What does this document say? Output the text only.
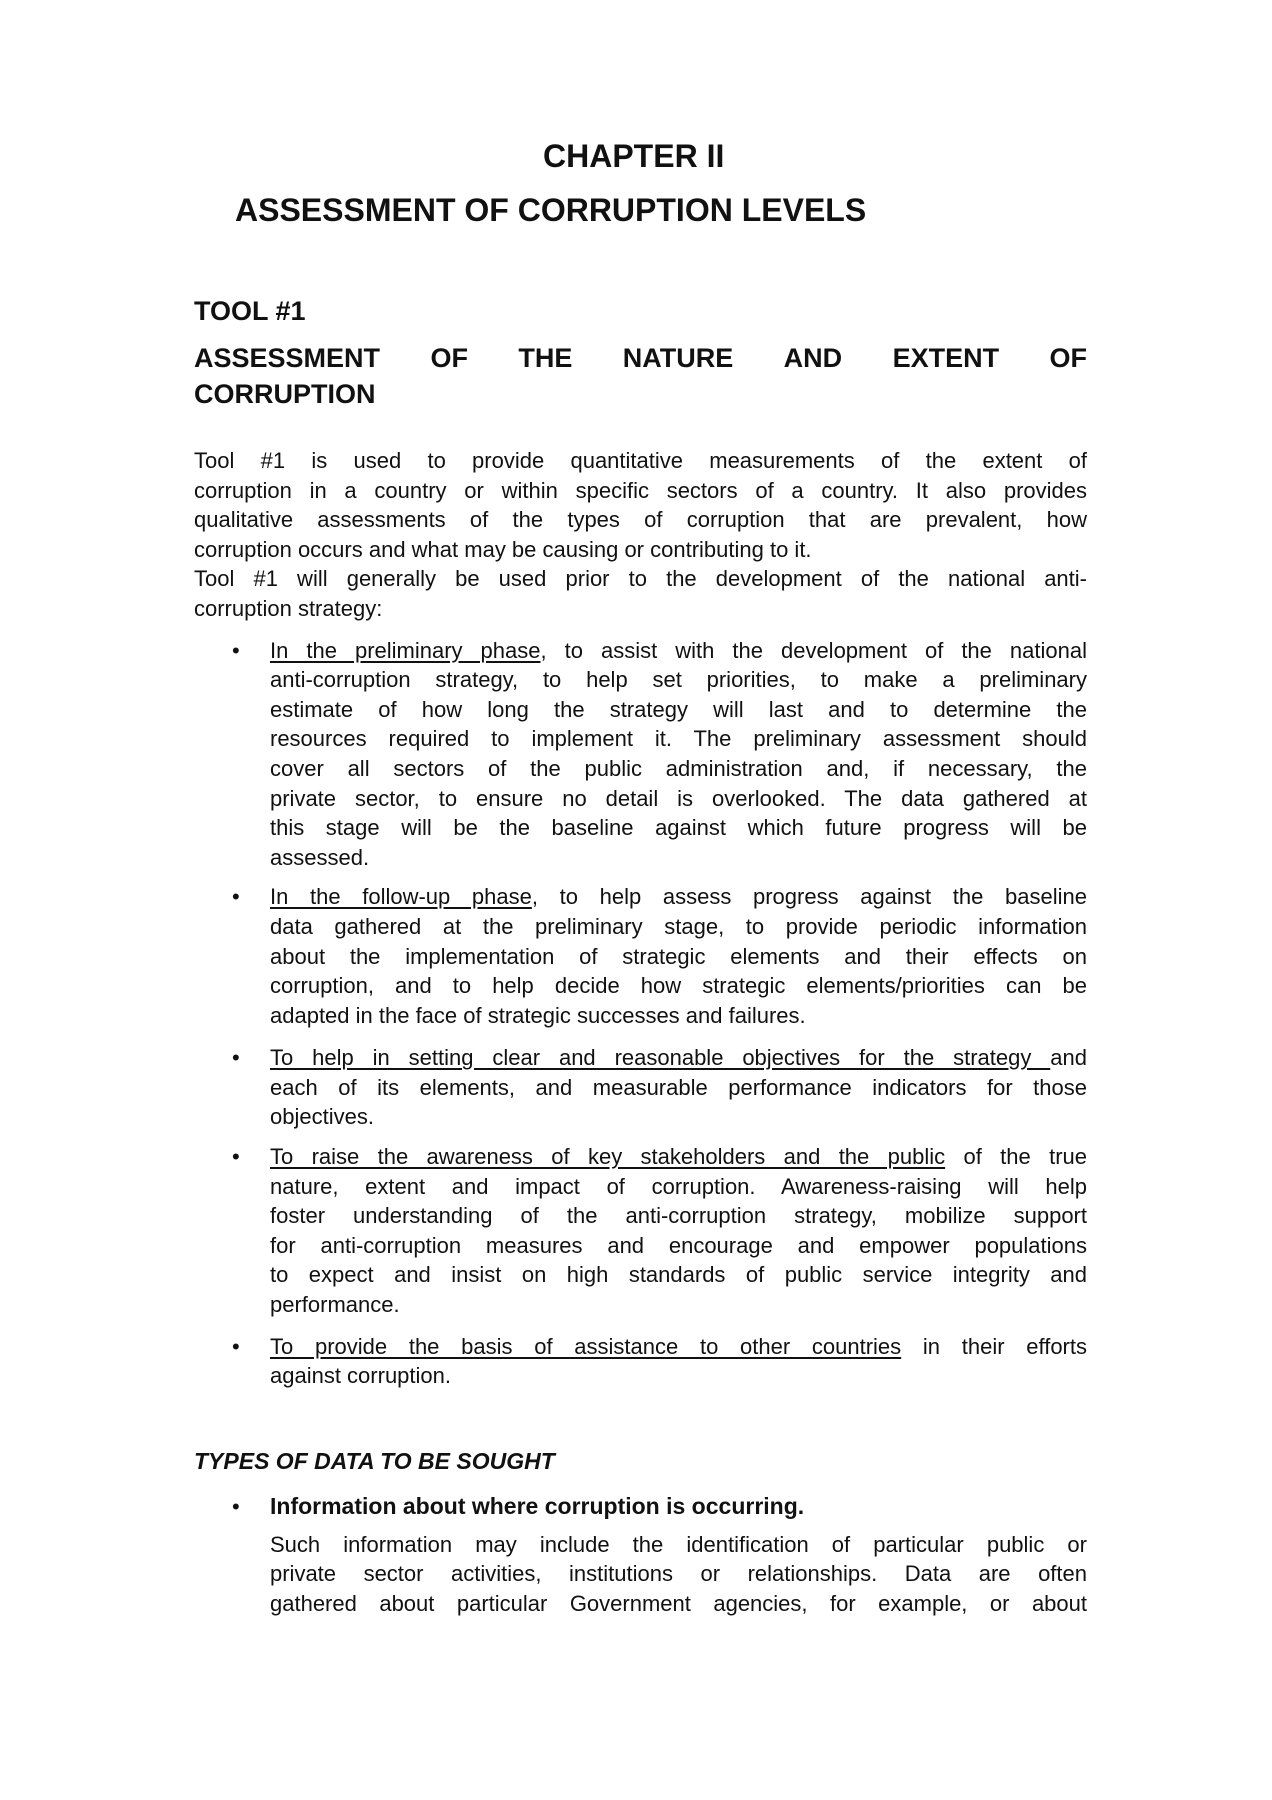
CHAPTER II
ASSESSMENT OF CORRUPTION LEVELS
TOOL #1
ASSESSMENT OF THE NATURE AND EXTENT OF
CORRUPTION
Tool #1 is used to provide quantitative measurements of the extent of
corruption in a country or within specific sectors of a country. It also provides
qualitative assessments of the types of corruption that are prevalent, how
corruption occurs and what may be causing or contributing to it.
Tool #1 will generally be used prior to the development of the national anti-
corruption strategy:
• In the preliminary phase, to assist with the development of the national
anti-corruption strategy, to help set priorities, to make a preliminary
estimate of how long the strategy will last and to determine the
resources required to implement it. The preliminary assessment should
cover all sectors of the public administration and, if necessary, the
private sector, to ensure no detail is overlooked. The data gathered at
this stage will be the baseline against which future progress will be
assessed.
• In the follow-up phase, to help assess progress against the baseline
data gathered at the preliminary stage, to provide periodic information
about the implementation of strategic elements and their effects on
corruption, and to help decide how strategic elements/priorities can be
adapted in the face of strategic successes and failures.
• To help in setting clear and reasonable objectives for the strategy and
each of its elements, and measurable performance indicators for those
objectives.
• To raise the awareness of key stakeholders and the public of the true
nature, extent and impact of corruption. Awareness-raising will help
foster understanding of the anti-corruption strategy, mobilize support
for anti-corruption measures and encourage and empower populations
to expect and insist on high standards of public service integrity and
performance.
• To provide the basis of assistance to other countries in their efforts
against corruption.
TYPES OF DATA TO BE SOUGHT
• Information about where corruption is occurring.
Such information may include the identification of particular public or
private sector activities, institutions or relationships. Data are often
gathered about particular Government agencies, for example, or about
